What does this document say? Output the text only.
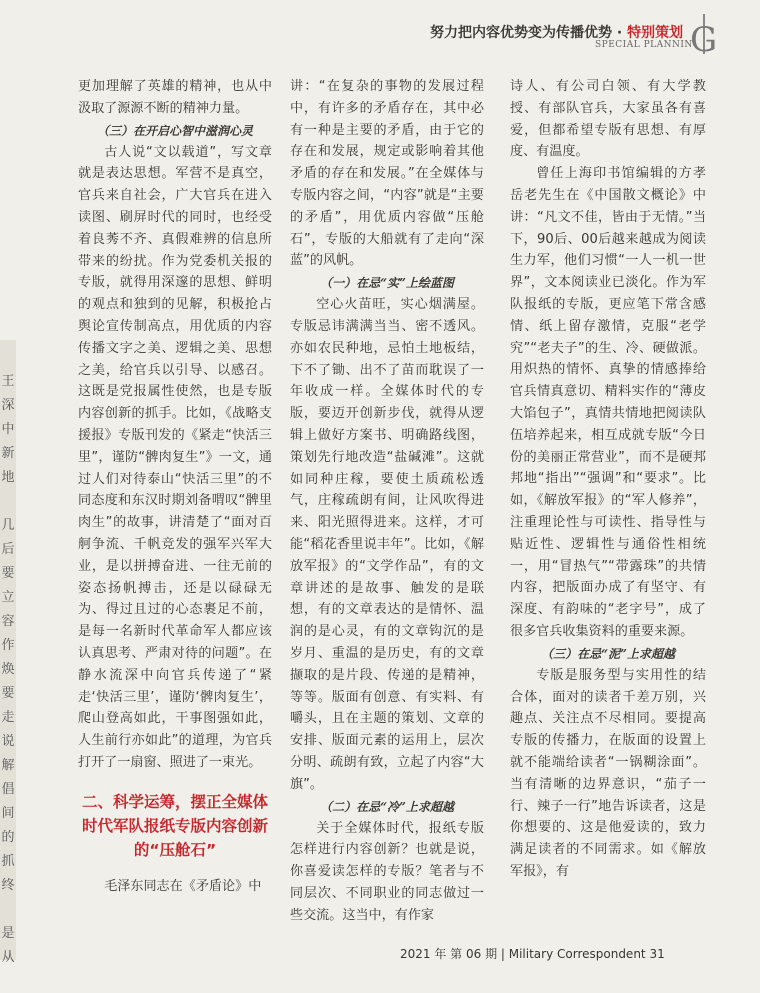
努力把内容优势变为传播优势 · 特别策划
SPECIAL PLANNIN
G
王
深
中
新
地
几
后
要
立
容
作
焕
要
走
说
解
倡
间
的
抓
终
是
从

更加理解了英雄的精神，也从中汲取了源源不断的精神力量。

（三）在开启心智中滋润心灵

古人说“文以载道”，写文章就是表达思想。军营不是真空，官兵来自社会，广大官兵在进入读图、刷屏时代的同时，也经受着良莠不齐、真假难辨的信息所带来的纷扰。作为党委机关报的专版，就得用深邃的思想、鲜明的观点和独到的见解，积极抢占舆论宣传制高点，用优质的内容传播文字之美、逻辑之美、思想之美，给官兵以引导、以感召。这既是党报属性使然，也是专版内容创新的抓手。比如，《战略支援报》专版刊发的《紧走“快活三里”，谨防“髀肉复生”》一文，通过人们对待泰山“快活三里”的不同态度和东汉时期刘备喟叹“髀里肉生”的故事，讲清楚了“面对百舸争流、千帆竞发的强军兴军大业，是以拼搏奋进、一往无前的姿态扬帆搏击，还是以碌碌无为、得过且过的心态裹足不前，是每一名新时代革命军人都应该认真思考、严肃对待的问题”。在静水流深中向官兵传递了“紧走‘快活三里’，谨防‘髀肉复生’，爬山登高如此，干事图强如此，人生前行亦如此”的道理，为官兵打开了一扇窗、照进了一束光。

二、科学运筹，摆正全媒体时代军队报纸专版内容创新的“压舱石”

毛泽东同志在《矛盾论》中

讲：“在复杂的事物的发展过程中，有许多的矛盾存在，其中必有一种是主要的矛盾，由于它的存在和发展，规定或影响着其他矛盾的存在和发展。”在全媒体与专版内容之间，“内容”就是“主要的矛盾”，用优质内容做“压舱石”，专版的大船就有了走向“深蓝”的风帆。

（一）在忌“实”上绘蓝图

空心火苗旺，实心烟满屋。专版忌讳满满当当、密不透风。亦如农民种地，忌怕土地板结，下不了锄、出不了苗而耽误了一年收成一样。全媒体时代的专版，要迈开创新步伐，就得从逻辑上做好方案书、明确路线图，策划先行地改造“盐碱滩”。这就如同种庄稼，要使土质疏松透气，庄稼疏朗有间，让风吹得进来、阳光照得进来。这样，才可能“稻花香里说丰年”。比如，《解放军报》的“文学作品”，有的文章讲述的是故事、触发的是联想，有的文章表达的是情怀、温润的是心灵，有的文章钩沉的是岁月、重温的是历史，有的文章撷取的是片段、传递的是精神，等等。版面有创意、有实料、有嚼头，且在主题的策划、文章的安排、版面元素的运用上，层次分明、疏朗有致，立起了内容“大旗”。

（二）在忌“冷”上求超越

关于全媒体时代，报纸专版怎样进行内容创新？也就是说，你喜爱读怎样的专版？笔者与不同层次、不同职业的同志做过一些交流。这当中，有作家

诗人、有公司白领、有大学教授、有部队官兵，大家虽各有喜爱，但都希望专版有思想、有厚度、有温度。

曾任上海印书馆编辑的方孝岳老先生在《中国散文概论》中讲：“凡文不佳，皆由于无情。”当下，90后、00后越来越成为阅读生力军，他们习惯“一人一机一世界”，文本阅读业已淡化。作为军队报纸的专版，更应笔下常含感情、纸上留存激情，克服“老学究”“老夫子”的生、冷、硬做派。用炽热的情怀、真挚的情感捧给官兵情真意切、精料实作的“薄皮大馅包子”，真情共情地把阅读队伍培养起来，相互成就专版“今日份的美丽正常营业”，而不是硬邦邦地“指出”“强调”和“要求”。比如，《解放军报》的“军人修养”，注重理论性与可读性、指导性与贴近性、逻辑性与通俗性相统一，用“冒热气”“带露珠”的共情内容，把版面办成了有坚守、有深度、有韵味的“老字号”，成了很多官兵收集资料的重要来源。

（三）在忌“泥”上求超越

专版是服务型与实用性的结合体，面对的读者千差万别，兴趣点、关注点不尽相同。要提高专版的传播力，在版面的设置上就不能端给读者“一锅糊涂面”。当有清晰的边界意识，“茄子一行、辣子一行”地告诉读者，这是你想要的、这是他爱读的，致力满足读者的不同需求。如《解放军报》，有

2021 年 第 06 期 | Military Correspondent 31
